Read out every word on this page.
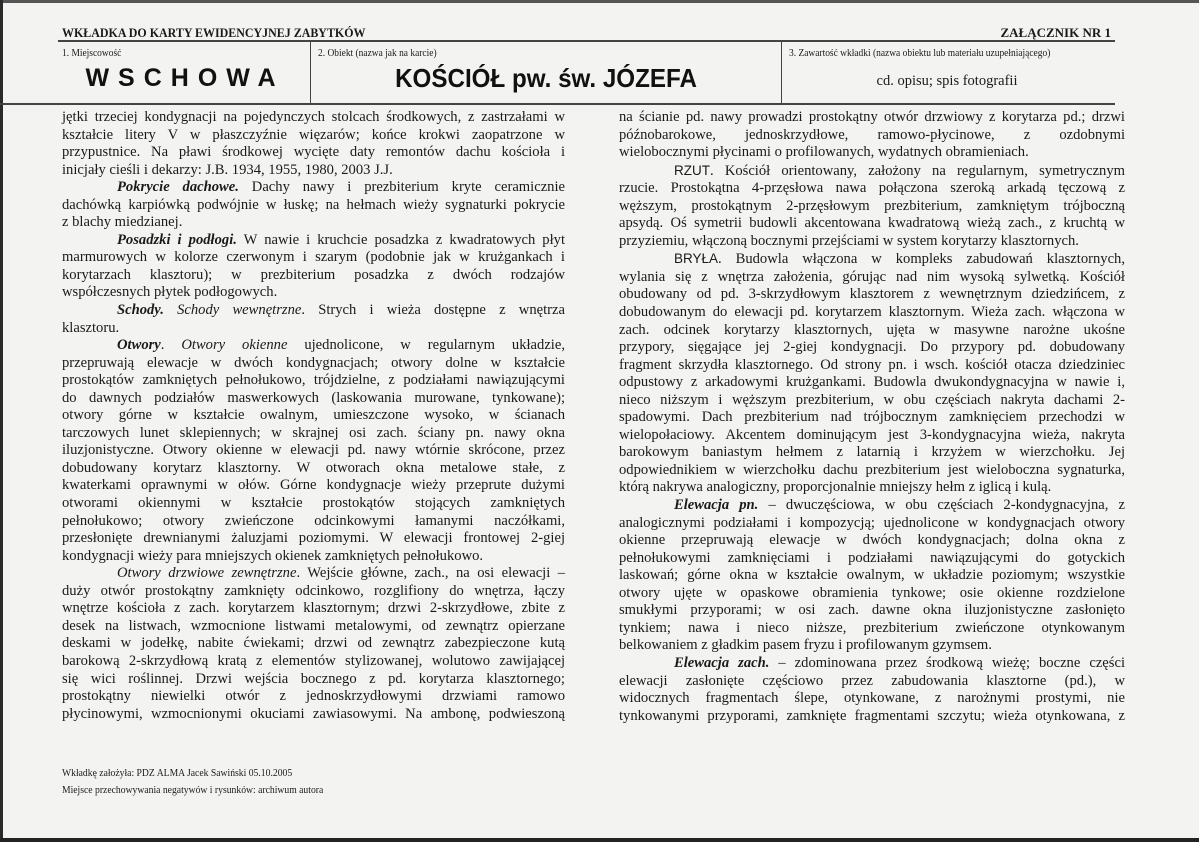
WKŁADKA DO KARTY EWIDENCYJNEJ ZABYTKÓW	ZAŁĄCZNIK NR 1
1. Miejscowość
WSCHOWA
2. Obiekt (nazwa jak na karcie)
KOŚCIÓŁ pw. św. JÓZEFA
3. Zawartość wkładki (nazwa obiektu lub materiału uzupełniającego)
cd. opisu; spis fotografii
jętki trzeciej kondygnacji na pojedynczych stolcach środkowych, z zastrzałami w
kształcie litery V w płaszczyźnie więzarów; końce krokwi zaopatrzone w
przypustnice. Na pławi środkowej wycięte daty remontów dachu kościoła i
inicjały cieśli i dekarzy: J.B. 1934, 1955, 1980, 2003 J.J.
Pokrycie dachowe. Dachy nawy i prezbiterium kryte ceramicznie
dachówką karpiówką podwójnie w łuskę; na hełmach wieży sygnaturki pokrycie
z blachy miedzianej.
Posadzki i podłogi. W nawie i kruchcie posadzka z kwadratowych płyt
marmurowych w kolorze czerwonym i szarym (podobnie jak w krużgankach i
korytarzach klasztoru); w prezbiterium posadzka z dwóch rodzajów
współczesnych płytek podłogowych.
Schody. Schody wewnętrzne. Strych i wieża dostępne z wnętrza
klasztoru.
Otwory. Otwory okienne ujednolicone, w regularnym układzie,
przepruwają elewacje w dwóch kondygnacjach; otwory dolne w kształcie
prostokątów zamkniętych pełnołukowo, trójdzielne, z podziałami nawiązującymi
do dawnych podziałów maswerkowych (laskowania murowane, tynkowane);
otwory górne w kształcie owalnym, umieszczone wysoko, w ścianach
tarczowych lunet sklepiennych; w skrajnej osi zach. ściany pn. nawy okna
iluzjonistyczne. Otwory okienne w elewacji pd. nawy wtórnie skrócone, przez
dobudowany korytarz klasztorny. W otworach okna metalowe stałe, z
kwaterkami oprawnymi w ołów. Górne kondygnacje wieży przeprute dużymi
otworami okiennymi w kształcie prostokątów stojących zamkniętych
pełnołukowo; otwory zwieńczone odcinkowymi łamanymi naczółkami,
przesłonięte drewnianymi żaluzjami poziomymi. W elewacji frontowej 2-giej
kondygnacji wieży para mniejszych okienek zamkniętych pełnołukowo.
Otwory drzwiowe zewnętrzne. Wejście główne, zach., na osi elewacji –
duży otwór prostokątny zamknięty odcinkowo, rozglifiony do wnętrza, łączy
wnętrze kościoła z zach. korytarzem klasztornym; drzwi 2-skrzydłowe, zbite z
desek na listwach, wzmocnione listwami metalowymi, od zewnątrz opierzane
deskami w jodełkę, nabite ćwiekami; drzwi od zewnątrz zabezpieczone kutą
barokową 2-skrzydłową kratą z elementów stylizowanej, wolutowo zawijającej
się wici roślinnej. Drzwi wejścia bocznego z pd. korytarza klasztornego;
prostokątny niewielki otwór z jednoskrzydłowymi drzwiami ramowo
płycinowymi, wzmocnionymi okuciami zawiasowymi. Na ambonę, podwieszoną
na ścianie pd. nawy prowadzi prostokątny otwór drzwiowy z korytarza pd.; drzwi
późnobarokowe, jednoskrzydłowe, ramowo-płycinowe, z ozdobnymi
wielobocznymi płycinami o profilowanych, wydatnych obramieniach.
RZUT. Kościół orientowany, założony na regularnym, symetrycznym
rzucie. Prostokątna 4-przęsłowa nawa połączona szeroką arkadą tęczową z
węższym, prostokątnym 2-przęsłowym prezbiterium, zamkniętym trójboczną
apsydą. Oś symetrii budowli akcentowana kwadratową wieżą zach., z kruchtą w
przyziemiu, włączoną bocznymi przejściami w system korytarzy klasztornych.
BRYŁA. Budowla włączona w kompleks zabudowań klasztornych,
wylania się z wnętrza założenia, górując nad nim wysoką sylwetką. Kościół
obudowany od pd. 3-skrzydłowym klasztorem z wewnętrznym dziedzińcem, z
dobudowanym do elewacji pd. korytarzem klasztornym. Wieża zach. włączona w
zach. odcinek korytarzy klasztornych, ujęta w masywne narożne ukośne
przypory, sięgające jej 2-giej kondygnacji. Do przypory pd. dobudowany
fragment skrzydła klasztornego. Od strony pn. i wsch. kościół otacza dziedziniec
odpustowy z arkadowymi krużgankami. Budowla dwukondygnacyjna w nawie i,
nieco niższym i węższym prezbiterium, w obu częściach nakryta dachami 2-
spadowymi. Dach prezbiterium nad trójbocznym zamknięciem przechodzi w
wielopołaciowy. Akcentem dominującym jest 3-kondygnacyjna wieża, nakryta
barokowym baniastym hełmem z latarnią i krzyżem w wierzchołku. Jej
odpowiednikiem w wierzchołku dachu prezbiterium jest wieloboczna sygnaturka,
którą nakrywa analogiczny, proporcjonalnie mniejszy hełm z iglicą i kulą.
Elewacja pn. – dwuczęściowa, w obu częściach 2-kondygnacyjna, z
analogicznymi podziałami i kompozycją; ujednolicone w kondygnacjach otwory
okienne przepruwają elewacje w dwóch kondygnacjach; dolna okna z
pełnołukowymi zamknięciami i podziałami nawiązującymi do gotyckich
laskowań; górne okna w kształcie owalnym, w układzie poziomym; wszystkie
otwory ujęte w opaskowe obramienia tynkowe; osie okienne rozdzielone
smukłymi przyporami; w osi zach. dawne okna iluzjonistyczne zasłonięto
tynkiem; nawa i nieco niższe, prezbiterium zwieńczone otynkowanym
belkowaniem z gładkim pasem fryzu i profilowanym gzymsem.
Elewacja zach. – zdominowana przez środkową wieżę; boczne części
elewacji zasłonięte częściowo przez zabudowania klasztorne (pd.), w
widocznych fragmentach ślepe, otynkowane, z narożnymi prostymi, nie
tynkowanymi przyporami, zamknięte fragmentami szczytu; wieża otynkowana, z
Wkładkę założyła: PDZ ALMA Jacek Sawiński 05.10.2005
Miejsce przechowywania negatywów i rysunków: archiwum autora
